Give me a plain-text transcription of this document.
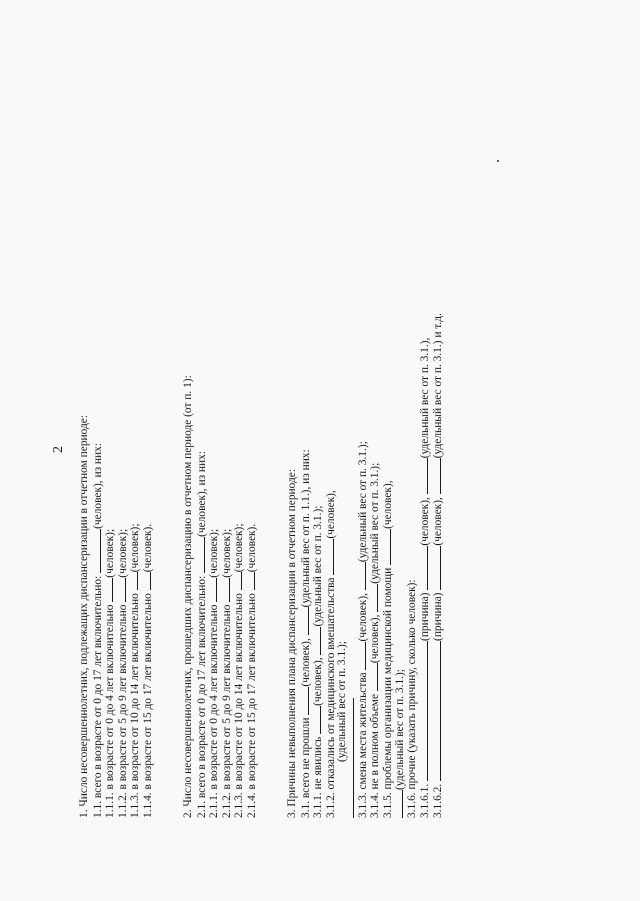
2 1. Число несовершеннолетних, подлежащих диспансеризации в отчетном периоде: 1.1. всего в возрасте от 0 до 17 лет включительно: (человек), из них:
1.1.1. в возрасте от 0 до 4 лет включительно (человек);
1.1.2. в возрасте от 5 до 9 лет включительно (человек);
1.1.3. в возрасте от 10 до 14 лет включительно (человек);
1.1.4. в возрасте от 15 до 17 лет включительно (человек).	2. Число несовершеннолетних, прошедших диспансеризацию в отчетном периоде (от п. 1): 2.1. всего в возрасте от 0 до 17 лет включительно: (человек), из них:
2.1.1. в возрасте от 0 до 4 лет включительно (человек);
2.1.2. в возрасте от 5 до 9 лет включительно (человек);
2.1.3. в возрасте от 10 до 14 лет включительно (человек);
2.1.4. в возрасте от 15 до 17 лет включительно (человек).	3. Причины невыполнения плана диспансеризации в отчетном периоде: 3.1. всего не прошли (человек), (удельный вес от п. 1.1.), из них:
3.1.1. не явились (человек), (удельный вес от п. 3.1.);
3.1.2. отказались от медицинского вмешательства (человек),
(удельный вес от п. 3.1.); 3.1.3. смена места жительства (человек), (удельный вес от п. 3.1.);
3.1.4. не в полном объеме (человек), (удельный вес от п. 3.1.);
3.1.5. проблемы организации медицинской помощи (человек),
(удельный вес от п. 3.1.); 3.1.6. прочие (указать причину, сколько человек): 3.1.6.1. (причина) (человек), (удельный вес от п. 3.1.),
3.1.6.2. (причина) (человек), (удельный вес от п. 3.1.) и т.д.
